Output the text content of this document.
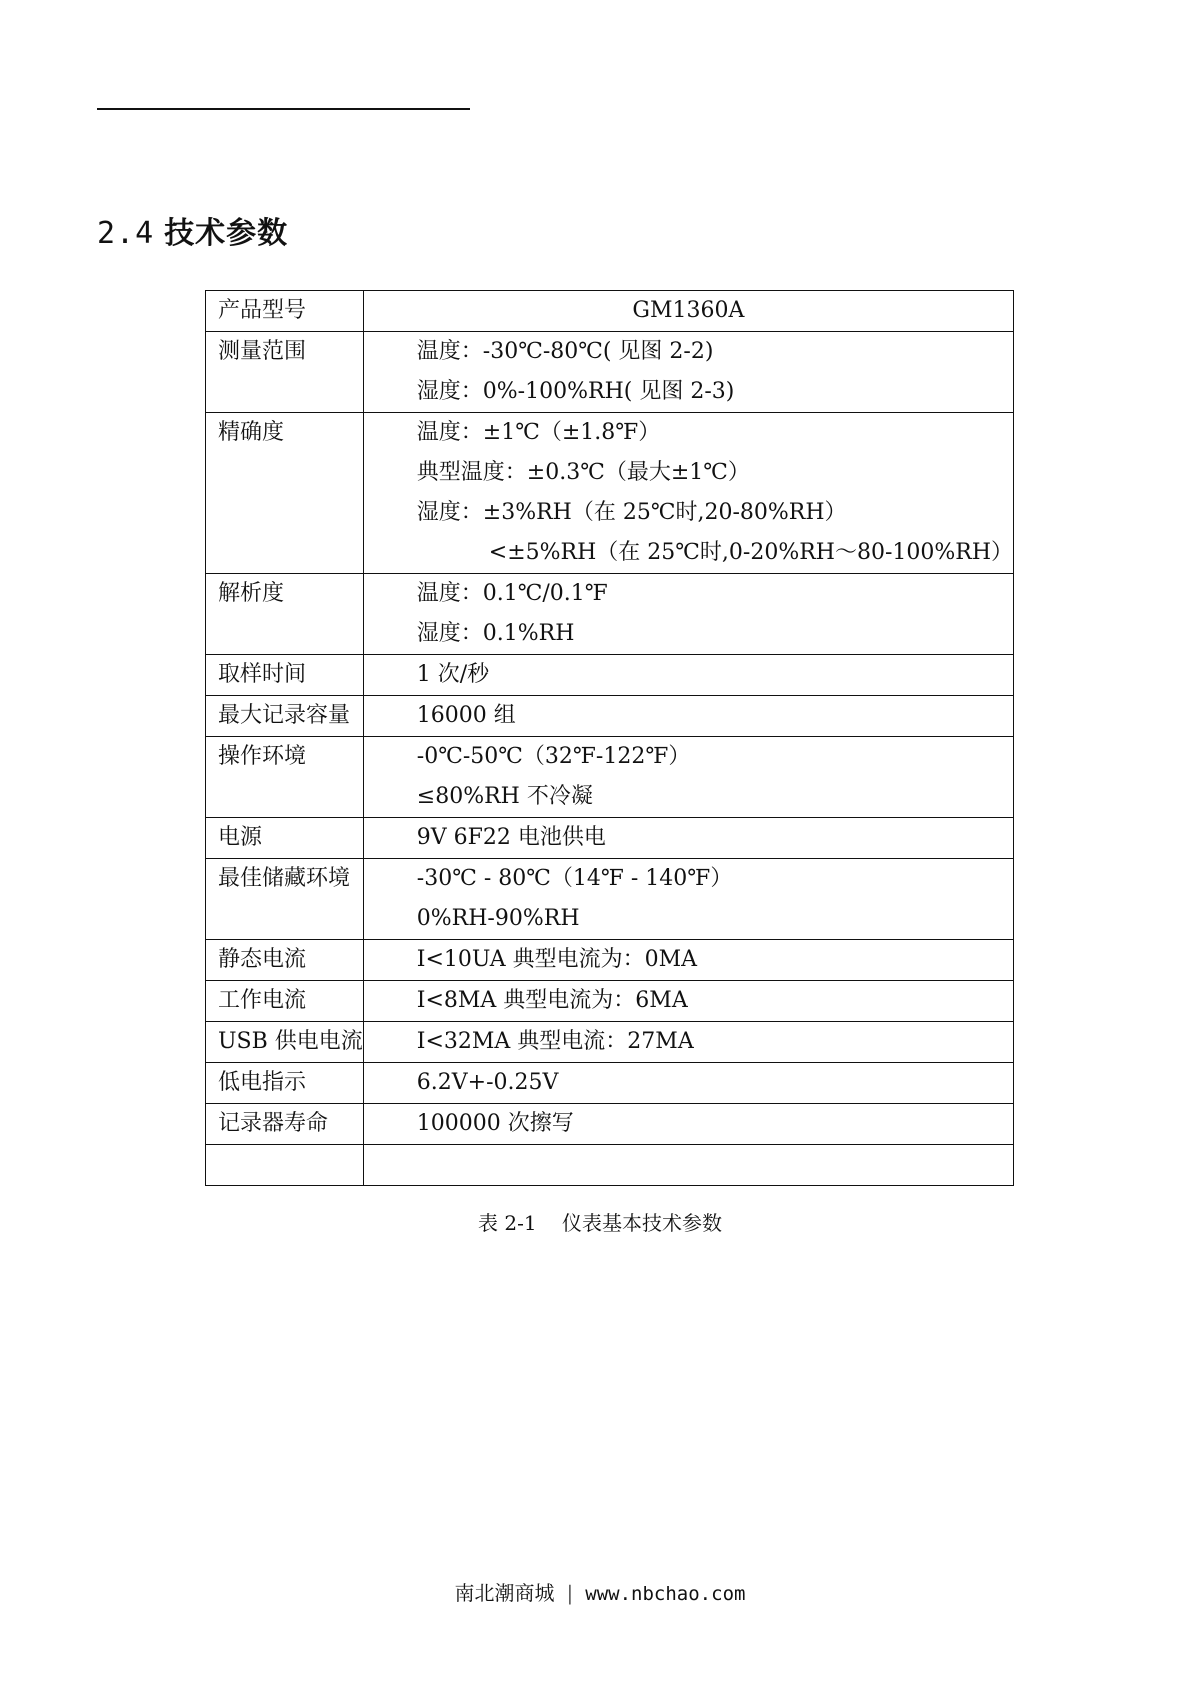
2.4 技术参数
产品型号	GM1360A

测量范围	温度：-30℃-80℃( 见图 2-2)
湿度：0%-100%RH( 见图 2-3)

精确度	温度：±1℃（±1.8℉）
典型温度：±0.3℃（最大±1℃）
湿度：±3%RH（在 25℃时,20-80%RH）
<±5%RH（在 25℃时,0-20%RH～80-100%RH）

解析度	温度：0.1℃/0.1℉
湿度：0.1%RH

取样时间	1 次/秒

最大记录容量	16000 组

操作环境	-0℃-50℃（32℉-122℉）
≤80%RH 不冷凝

电源	9V 6F22 电池供电

最佳储藏环境	-30℃ - 80℃（14℉ - 140℉）
0%RH-90%RH

静态电流	I<10UA 典型电流为：0MA

工作电流	I<8MA 典型电流为：6MA

USB 供电电流	I<32MA 典型电流：27MA

低电指示	6.2V+-0.25V

记录器寿命	100000 次擦写

表 2-1 仪表基本技术参数
南北潮商城 | www.nbchao.com
